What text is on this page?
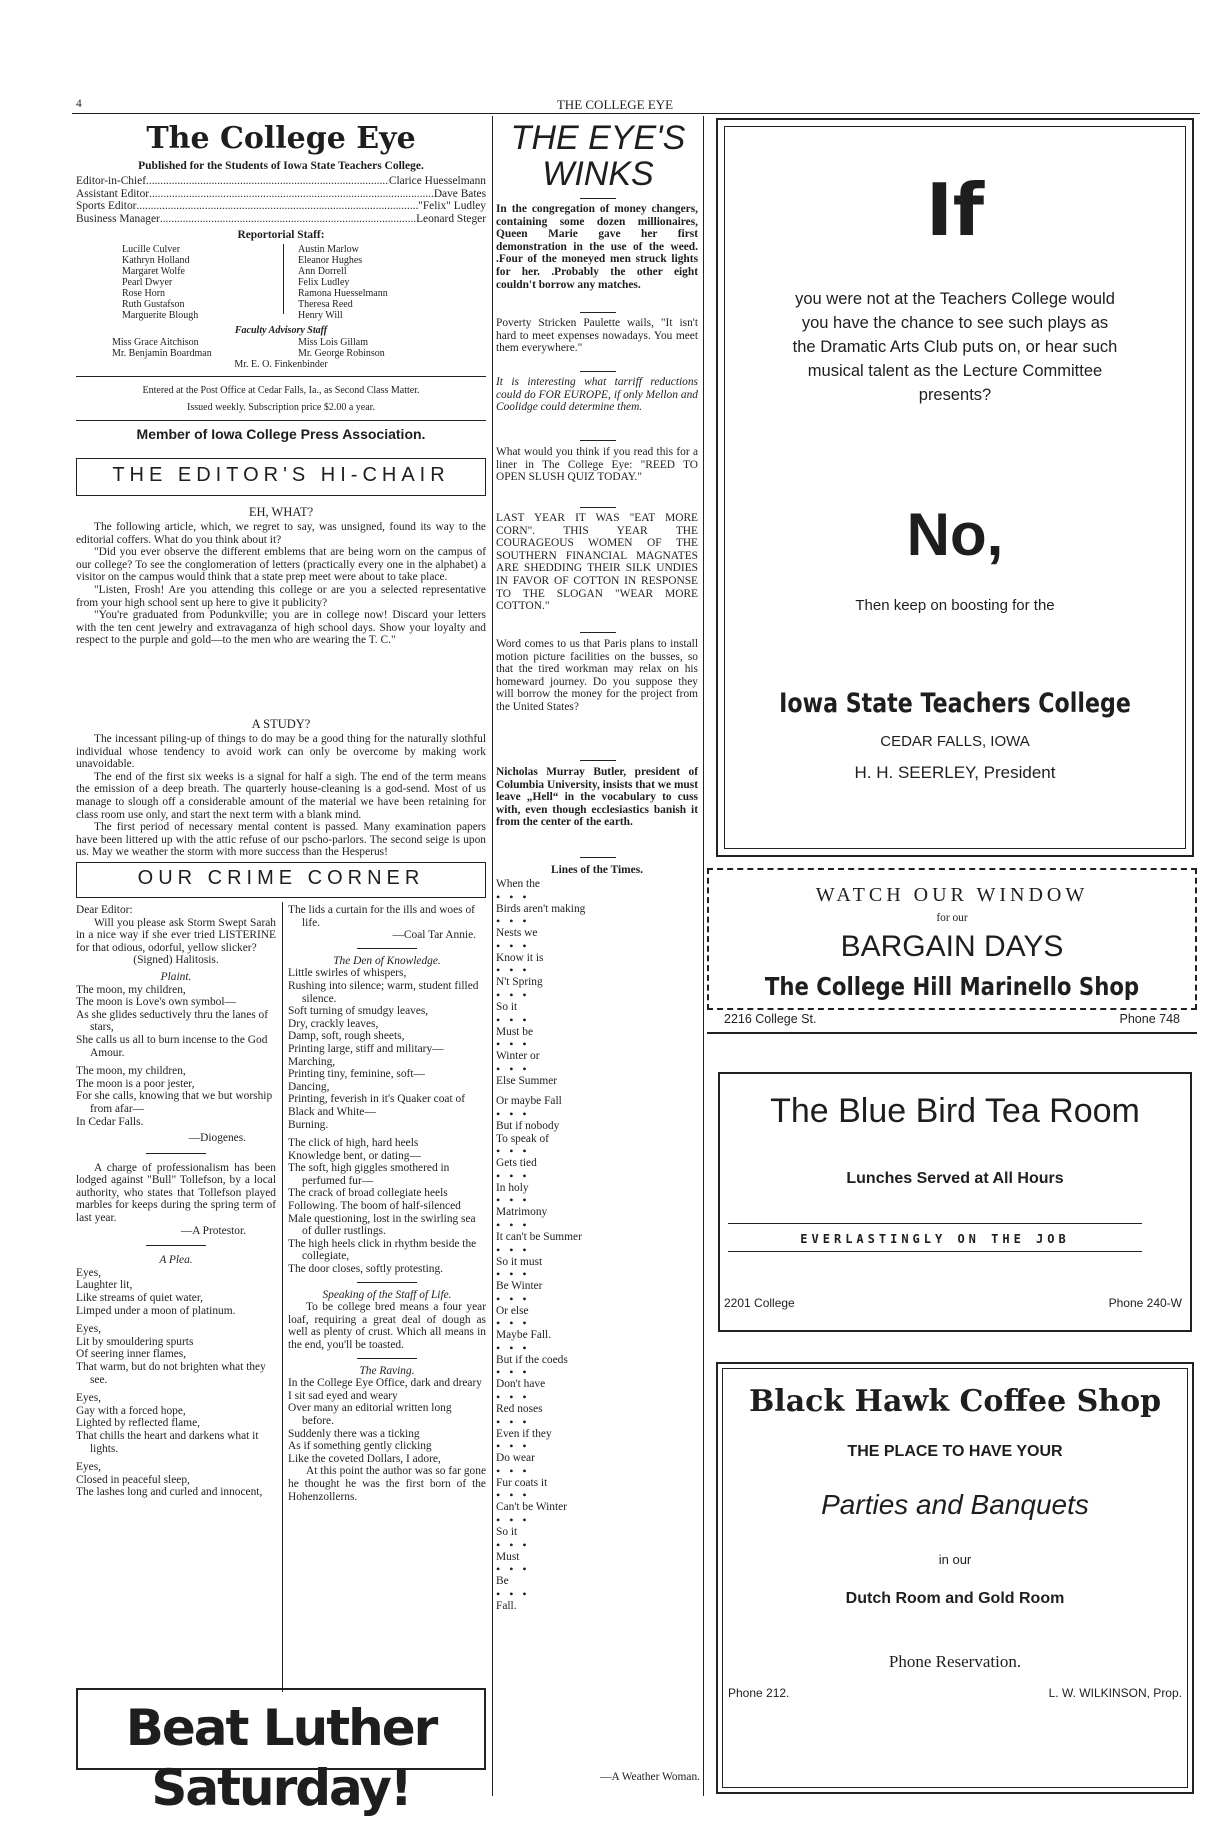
4	THE COLLEGE EYE
The College Eye
Published for the Students of Iowa State Teachers College.
Editor-in-Chief .....	Clarice Huesselmann
Assistant Editor .....	Dave Bates
Sports Editor .....	"Felix" Ludley
Business Manager .....	Leonard Steger
Reportorial Staff:
Lucille Culver
Kathryn Holland
Margaret Wolfe
Pearl Dwyer
Rose Horn
Ruth Gustafson
Marguerite Blough
Austin Marlow
Eleanor Hughes
Ann Dorrell
Felix Ludley
Ramona Huesselmann
Theresa Reed
Henry Will
Faculty Advisory Staff
Miss Grace Aitchison
Mr. Benjamin Boardman
Miss Lois Gillam
Mr. George Robinson
Mr. E. O. Finkenbinder
Entered at the Post Office at Cedar Falls, Ia., as Second Class Matter.
Issued weekly. Subscription price $2.00 a year.
Member of Iowa College Press Association.
THE EDITOR'S HI-CHAIR
EH, WHAT?

The following article, which, we regret to say, was unsigned, found its way to the editorial coffers. What do you think about it?

"Did you ever observe the different emblems that are being worn on the campus of our college? To see the conglomeration of letters (practically every one in the alphabet) a visitor on the campus would think that a state prep meet were about to take place.

"Listen, Frosh! Are you attending this college or are you a selected representative from your high school sent up here to give it publicity?

"You're graduated from Podunkville; you are in college now! Discard your letters with the ten cent jewelry and extravaganza of high school days. Show your loyalty and respect to the purple and gold—to the men who are wearing the T. C."

A STUDY?

The incessant piling-up of things to do may be a good thing for the naturally slothful individual whose tendency to avoid work can only be overcome by making work unavoidable.

The end of the first six weeks is a signal for half a sigh. The end of the term means the emission of a deep breath. The quarterly house-cleaning is a god-send. Most of us manage to slough off a considerable amount of the material we have been retaining for class room use only, and start the next term with a blank mind.

The first period of necessary mental content is passed. Many examination papers have been littered up with the attic refuse of our pscho-parlors. The second seige is upon us. May we weather the storm with more success than the Hesperus!

OUR CRIME CORNER
Dear Editor:

Will you please ask Storm Swept Sarah in a nice way if she ever tried LISTERINE for that odious, odorful, yellow slicker?

(Signed) Halitosis.
Plaint.
The moon, my children,
The moon is Love's own symbol—
As she glides seductively thru the lanes of stars,
She calls us all to burn incense to the God Amour.
The moon, my children,
The moon is a poor jester,
For she calls, knowing that we but worship from afar—
In Cedar Falls.
—Diogenes.

A charge of professionalism has been lodged against "Bull" Tollefson, by a local authority, who states that Tollefson played marbles for keeps during the spring term of last year.

—A Protestor.
A Plea.
Eyes,
Laughter lit,
Like streams of quiet water,
Limped under a moon of platinum.
Eyes,
Lit by smouldering spurts
Of seering inner flames,
That warm, but do not brighten what they see.
Eyes,
Gay with a forced hope,
Lighted by reflected flame,
That chills the heart and darkens what it lights.
Eyes,
Closed in peaceful sleep,
The lashes long and curled and innocent,
The lids a curtain for the ills and woes of life.
—Coal Tar Annie.
The Den of Knowledge.
Little swirles of whispers,
Rushing into silence; warm, student filled silence.
Soft turning of smudgy leaves,
Dry, crackly leaves,
Damp, soft, rough sheets,
Printing large, stiff and military—
Marching,
Printing tiny, feminine, soft—
Dancing,
Printing, feverish in it's Quaker coat of
Black and White—
Burning.
The click of high, hard heels
Knowledge bent, or dating—
The soft, high giggles smothered in perfumed fur—
The crack of broad collegiate heels
Following. The boom of half-silenced
Male questioning, lost in the swirling sea of duller rustlings.
The high heels click in rhythm beside the collegiate,
The door closes, softly protesting.
Speaking of the Staff of Life.

To be college bred means a four year loaf, requiring a great deal of dough as well as plenty of crust. Which all means in the end, you'll be toasted.

The Raving.
In the College Eye Office, dark and dreary
I sit sad eyed and weary
Over many an editorial written long before.
Suddenly there was a ticking
As if something gently clicking
Like the coveted Dollars, I adore,

At this point the author was so far gone he thought he was the first born of the Hohenzollerns.

Beat Luther Saturday!
THE EYE'S
WINKS
In the congregation of money changers, containing some dozen millionaires, Queen Marie gave her first demonstration in the use of the weed. .Four of the moneyed men struck lights for her. .Probably the other eight couldn't borrow any matches.
Poverty Stricken Paulette wails, "It isn't hard to meet expenses nowadays. You meet them everywhere."
It is interesting what tarriff reductions could do FOR EUROPE, if only Mellon and Coolidge could determine them.
What would you think if you read this for a liner in The College Eye: "REED TO OPEN SLUSH QUIZ TODAY."
LAST YEAR IT WAS "EAT MORE CORN". THIS YEAR THE COURAGEOUS WOMEN OF THE SOUTHERN FINANCIAL MAGNATES ARE SHEDDING THEIR SILK UNDIES IN FAVOR OF COTTON IN RESPONSE TO THE SLOGAN "WEAR MORE COTTON."
Word comes to us that Paris plans to install motion picture facilities on the busses, so that the tired workman may relax on his homeward journey. Do you suppose they will borrow the money for the project from the United States?
Nicholas Murray Butler, president of Columbia University, insists that we must leave „Hell“ in the vocabulary to cuss with, even though ecclesiastics banish it from the center of the earth.
Lines of the Times.
When the
• • •
Birds aren't making
• • •
Nests we
• • •
Know it is
• • •
N't Spring
• • •
So it
• • •
Must be
• • •
Winter or
• • •
Else Summer
Or maybe Fall
• • •
But if nobody
To speak of
• • •
Gets tied
• • •
In holy
• • •
Matrimony
• • •
It can't be Summer
• • •
So it must
• • •
Be Winter
• • •
Or else
• • •
Maybe Fall.
• • •
But if the coeds
• • •
Don't have
• • •
Red noses
• • •
Even if they
• • •
Do wear
• • •
Fur coats it
• • •
Can't be Winter
• • •
So it
• • •
Must
• • •
Be
• • •
Fall.
—A Weather Woman.
If
you were not at the Teachers College would you have the chance to see such plays as the Dramatic Arts Club puts on, or hear such musical talent as the Lecture Committee presents?
No,
Then keep on boosting for the
Iowa State Teachers College
CEDAR FALLS, IOWA
H. H. SEERLEY, President
WATCH OUR WINDOW
for our
BARGAIN DAYS
The College Hill Marinello Shop
2216 College St.	Phone 748
The Blue Bird Tea Room
Lunches Served at All Hours
EVERLASTINGLY ON THE JOB
2201 College	Phone 240-W
Black Hawk Coffee Shop
THE PLACE TO HAVE YOUR
Parties and Banquets
in our
Dutch Room and Gold Room
Phone Reservation.
Phone 212.	L. W. WILKINSON, Prop.
